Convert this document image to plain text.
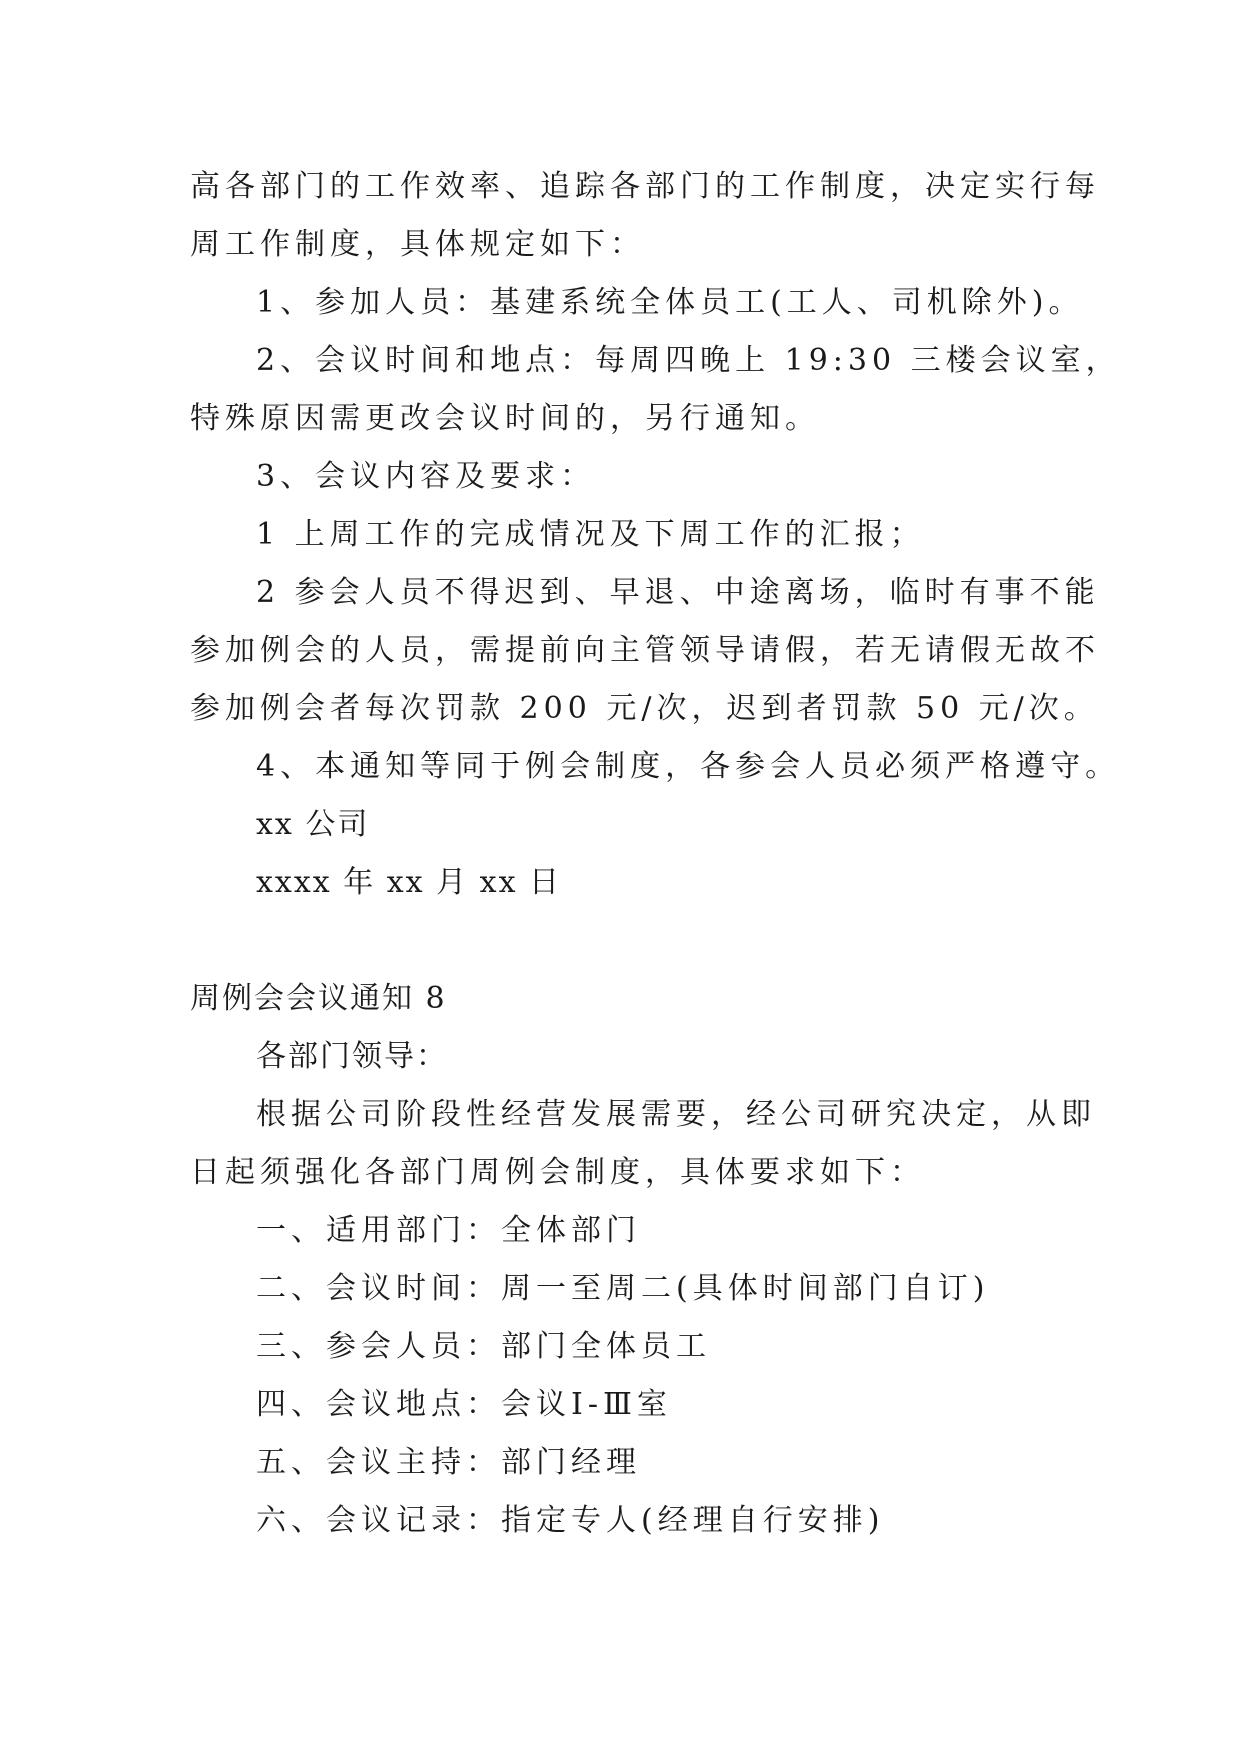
高各部门的工作效率、追踪各部门的工作制度，决定实行每
周工作制度，具体规定如下：
1、参加人员：基建系统全体员工(工人、司机除外)。
2、会议时间和地点：每周四晚上 19:30 三楼会议室，
特殊原因需更改会议时间的，另行通知。
3、会议内容及要求：
1 上周工作的完成情况及下周工作的汇报；
2 参会人员不得迟到、早退、中途离场，临时有事不能
参加例会的人员，需提前向主管领导请假，若无请假无故不
参加例会者每次罚款 200 元/次，迟到者罚款 50 元/次。
4、本通知等同于例会制度，各参会人员必须严格遵守。
xx 公司
xxxx 年 xx 月 xx 日
周例会会议通知 8
各部门领导：
根据公司阶段性经营发展需要，经公司研究决定，从即
日起须强化各部门周例会制度，具体要求如下：
一、适用部门：全体部门
二、会议时间：周一至周二(具体时间部门自订)
三、参会人员：部门全体员工
四、会议地点：会议Ⅰ-Ⅲ室
五、会议主持：部门经理
六、会议记录：指定专人(经理自行安排)
